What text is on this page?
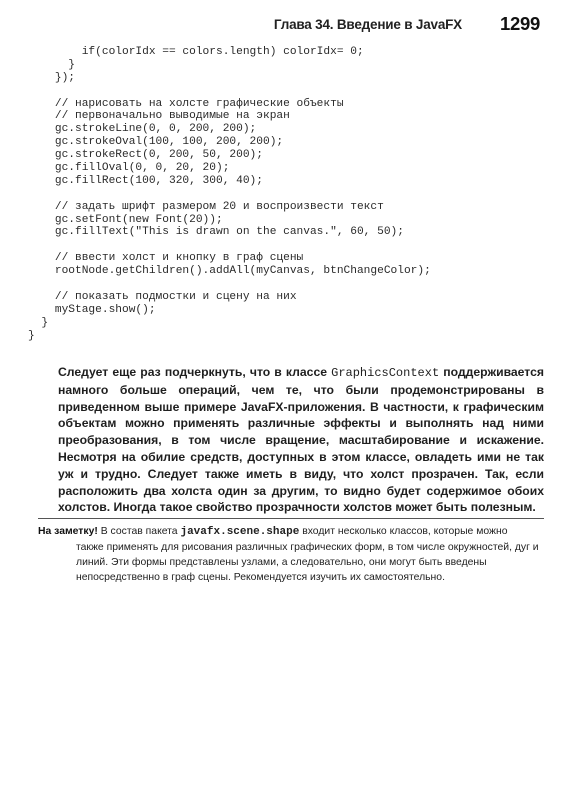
Глава 34. Введение в JavaFX 1299
if(colorIdx == colors.length) colorIdx= 0;
}
});
// нарисовать на холсте графические объекты
// первоначально выводимые на экран
gc.strokeLine(0, 0, 200, 200);
gc.strokeOval(100, 100, 200, 200);
gc.strokeRect(0, 200, 50, 200);
gc.fillOval(0, 0, 20, 20);
gc.fillRect(100, 320, 300, 40);
// задать шрифт размером 20 и воспроизвести текст
gc.setFont(new Font(20));
gc.fillText("This is drawn on the canvas.", 60, 50);
// ввести холст и кнопку в граф сцены
rootNode.getChildren().addAll(myCanvas, btnChangeColor);
// показать подмостки и сцену на них
myStage.show();
}
}

Следует еще раз подчеркнуть, что в классе GraphicsContext поддерживается намного больше операций, чем те, что были продемонстрированы в приведенном выше примере JavaFX-приложения. В частности, к графическим объектам можно применять различные эффекты и выполнять над ними преобразования, в том числе вращение, масштабирование и искажение. Несмотря на обилие средств, доступных в этом классе, овладеть ими не так уж и трудно. Следует также иметь в виду, что холст прозрачен. Так, если расположить два холста один за другим, то видно будет содержимое обоих холстов. Иногда такое свойство прозрачности холстов может быть полезным.

На заметку! В состав пакета javafx.scene.shape входит несколько классов, которые можно
также применять для рисования различных графических форм, в том числе окружностей, дуг и линий. Эти формы представлены узлами, а следовательно, они могут быть введены непосредственно в граф сцены. Рекомендуется изучить их самостоятельно.
